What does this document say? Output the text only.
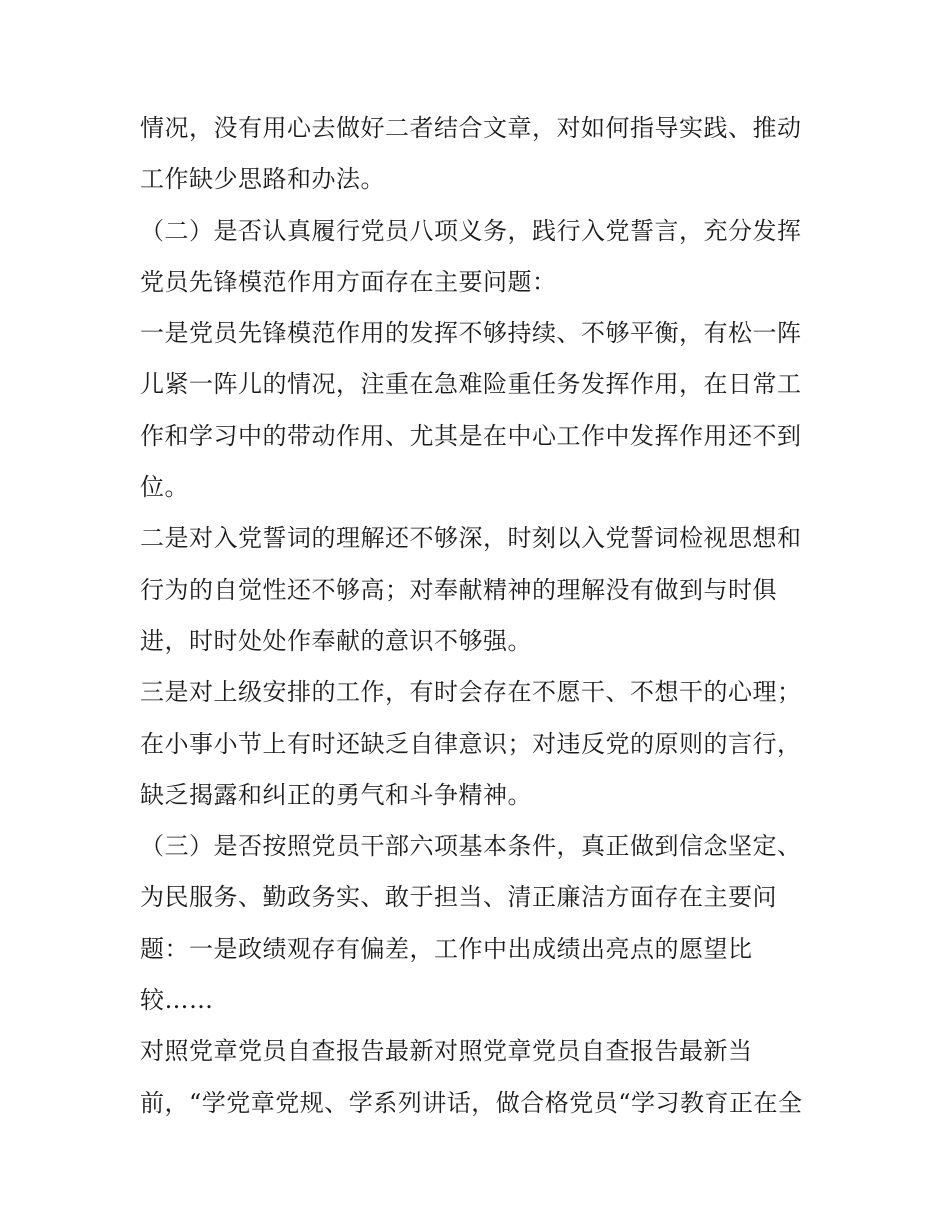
情况，没有用心去做好二者结合文章，对如何指导实践、推动
工作缺少思路和办法。
（二）是否认真履行党员八项义务，践行入党誓言，充分发挥
党员先锋模范作用方面存在主要问题：
一是党员先锋模范作用的发挥不够持续、不够平衡，有松一阵
儿紧一阵儿的情况，注重在急难险重任务发挥作用，在日常工
作和学习中的带动作用、尤其是在中心工作中发挥作用还不到
位。
二是对入党誓词的理解还不够深，时刻以入党誓词检视思想和
行为的自觉性还不够高；对奉献精神的理解没有做到与时俱
进，时时处处作奉献的意识不够强。
三是对上级安排的工作，有时会存在不愿干、不想干的心理；
在小事小节上有时还缺乏自律意识；对违反党的原则的言行，
缺乏揭露和纠正的勇气和斗争精神。
（三）是否按照党员干部六项基本条件，真正做到信念坚定、
为民服务、勤政务实、敢于担当、清正廉洁方面存在主要问
题：一是政绩观存有偏差，工作中出成绩出亮点的愿望比
较……
对照党章党员自查报告最新对照党章党员自查报告最新当
前，“学党章党规、学系列讲话，做合格党员“学习教育正在全
